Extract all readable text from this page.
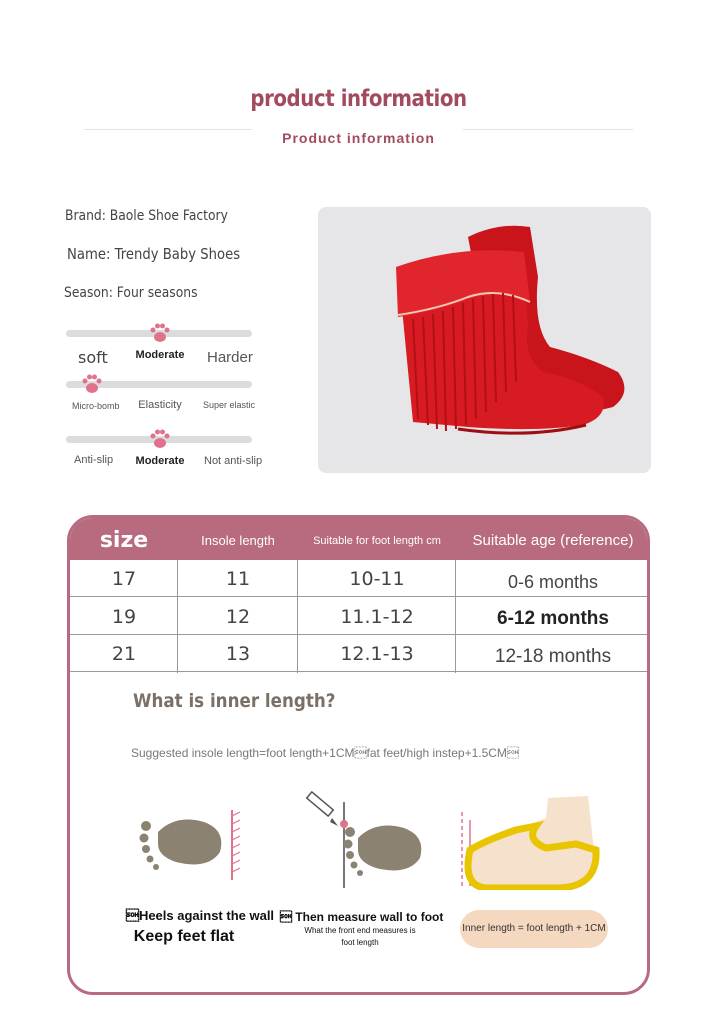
product information
Product information
Brand: Baole Shoe Factory
Name: Trendy Baby Shoes
Season: Four seasons
soft	Moderate	Harder
Micro-bomb	Elasticity	Super elastic
Anti-slip	Moderate	Not anti-slip
size	Insole length	Suitable for foot length cm	Suitable age (reference)
17	11	10-11	0-6 months
19	12	11.1-12	6-12 months
21	13	12.1-13	12-18 months
What is inner length?
Suggested insole length=foot length+1CMfat feet/high instep+1.5CM
Heels against the wall
Keep feet flat
 Then measure wall to foot
What the front end measures is
foot length
Inner length = foot length + 1CM
